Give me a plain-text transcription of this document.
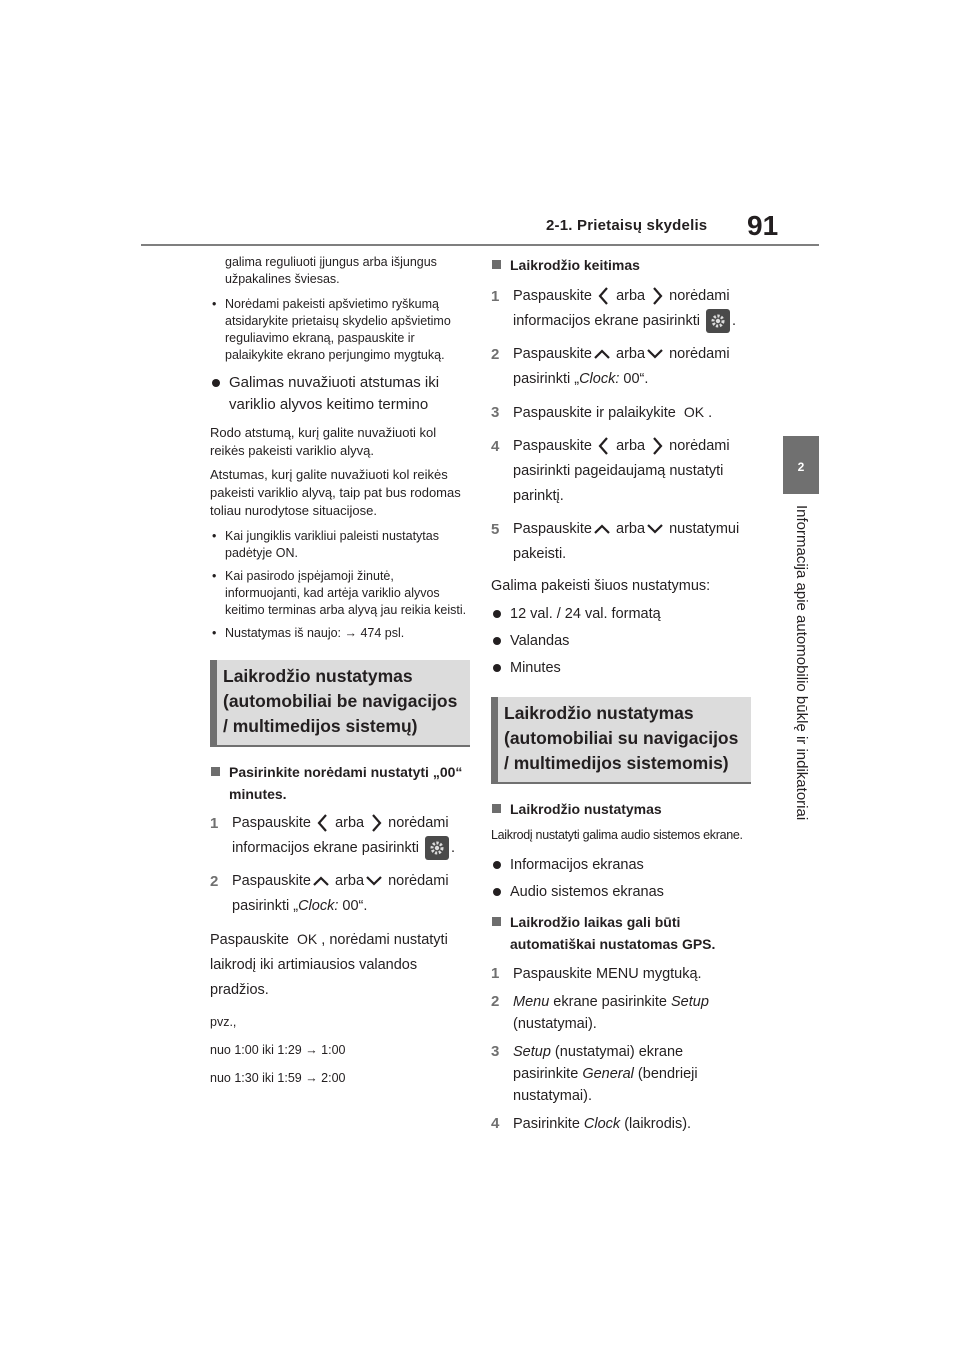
2-1. Prietaisų skydelis 91
2
Informacija apie automobilio būklę ir indikatoriai
galima reguliuoti įjungus arba išjungus užpakalines šviesas.
• Norėdami pakeisti apšvietimo ryškumą atsidarykite prietaisų skydelio apšvietimo reguliavimo ekraną, paspauskite ir palaikykite ekrano perjungimo mygtuką.
Galimas nuvažiuoti atstumas iki variklio alyvos keitimo termino
Rodo atstumą, kurį galite nuvažiuoti kol reikės pakeisti variklio alyvą.
Atstumas, kurį galite nuvažiuoti kol reikės pakeisti variklio alyvą, taip pat bus rodomas toliau nurodytose situacijose.
• Kai jungiklis varikliui paleisti nustatytas padėtyje ON.
• Kai pasirodo įspėjamoji žinutė, informuojanti, kad artėja variklio alyvos keitimo terminas arba alyvą jau reikia keisti.
• Nustatymas iš naujo: → 474 psl.
Laikrodžio nustatymas (automobiliai be navigacijos / multimedijos sistemų)
Pasirinkite norėdami nustatyti „00“ minutes.
1 Paspauskite arba norėdami informacijos ekrane pasirinkti .
2 Paspauskite arba norėdami pasirinkti „Clock: 00“.
Paspauskite OK , norėdami nustatyti laikrodį iki artimiausios valandos pradžios.
pvz.,
nuo 1:00 iki 1:29 → 1:00
nuo 1:30 iki 1:59 → 2:00
Laikrodžio keitimas
1 Paspauskite arba norėdami informacijos ekrane pasirinkti .
2 Paspauskite arba norėdami pasirinkti „Clock: 00“.
3 Paspauskite ir palaikykite OK .
4 Paspauskite arba norėdami pasirinkti pageidaujamą nustatyti parinktį.
5 Paspauskite arba nustatymui pakeisti.
Galima pakeisti šiuos nustatymus:
12 val. / 24 val. formatą
Valandas
Minutes
Laikrodžio nustatymas (automobiliai su navigacijos / multimedijos sistemomis)
Laikrodžio nustatymas
Laikrodį nustatyti galima audio sistemos ekrane.
Informacijos ekranas
Audio sistemos ekranas
Laikrodžio laikas gali būti automatiškai nustatomas GPS.
1 Paspauskite MENU mygtuką.
2 Menu ekrane pasirinkite Setup (nustatymai).
3 Setup (nustatymai) ekrane pasirinkite General (bendrieji nustatymai).
4 Pasirinkite Clock (laikrodis).
